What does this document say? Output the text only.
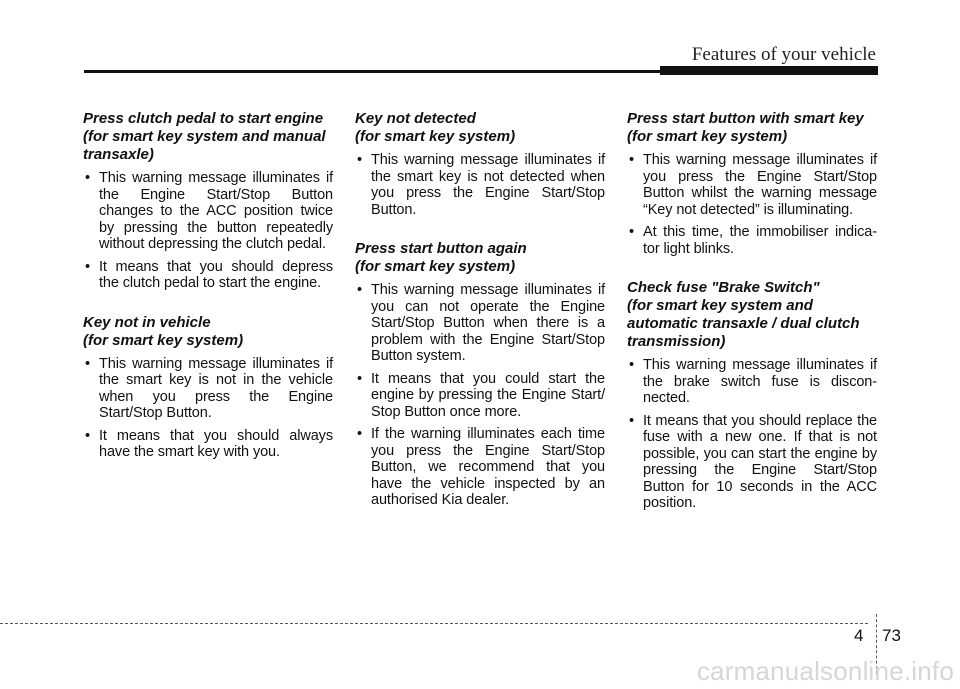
Features of your vehicle
Press clutch pedal to start engine
(for smart key system and manual
transaxle)
• This warning message illuminates if the Engine Start/Stop Button changes to the ACC position twice by pressing the button repeatedly without depressing the clutch pedal.
• It means that you should depress the clutch pedal to start the engine.
Key not in vehicle
(for smart key system)
• This warning message illuminates if the smart key is not in the vehicle when you press the Engine Start/Stop Button.
• It means that you should always have the smart key with you.
Key not detected
(for smart key system)
• This warning message illuminates if the smart key is not detected when you press the Engine Start/Stop Button.
Press start button again
(for smart key system)
• This warning message illuminates if you can not operate the Engine Start/Stop Button when there is a problem with the Engine Start/Stop Button system.
• It means that you could start the engine by pressing the Engine Start/ Stop Button once more.
• If the warning illuminates each time you press the Engine Start/Stop Button, we recommend that you have the vehicle inspected by an authorised Kia dealer.
Press start button with smart key
(for smart key system)
• This warning message illuminates if you press the Engine Start/Stop Button whilst the warning message “Key not detected” is illuminating.
• At this time, the immobiliser indica-tor light blinks.
Check fuse "Brake Switch"
(for smart key system and
automatic transaxle / dual clutch
transmission)
• This warning message illuminates if the brake switch fuse is discon-nected.
• It means that you should replace the fuse with a new one. If that is not possible, you can start the engine by pressing the Engine Start/Stop Button for 10 seconds in the ACC position.
4 73
carmanualsonline.info
